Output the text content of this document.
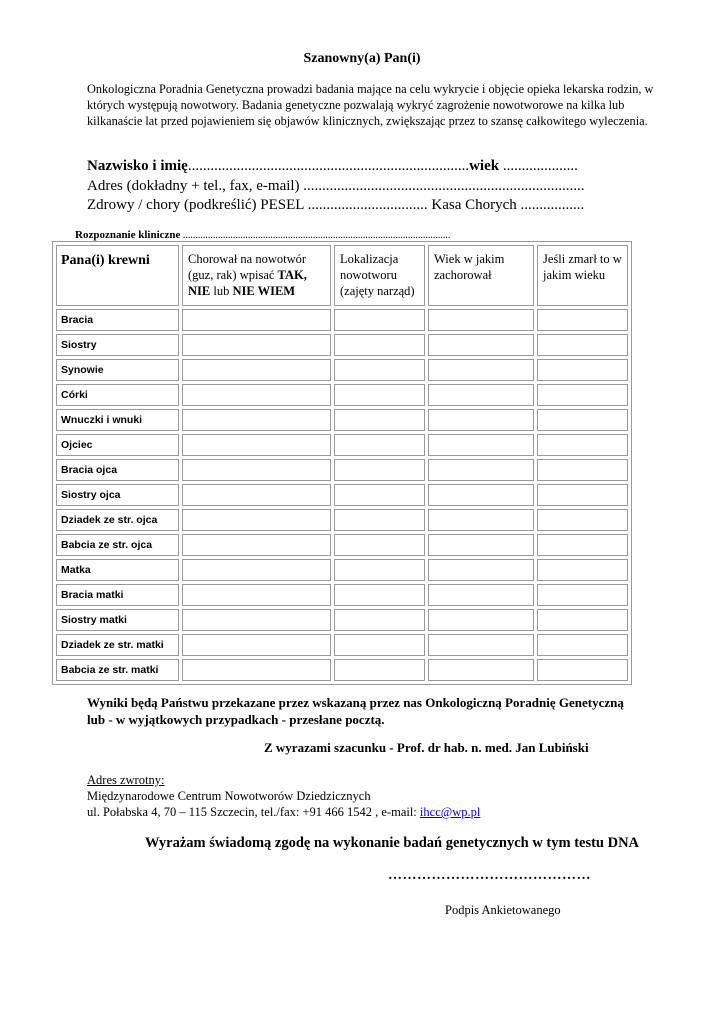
Szanowny(a) Pan(i)
Onkologiczna Poradnia Genetyczna prowadzi badania mające na celu wykrycie i objęcie opieka lekarska rodzin, w których występują nowotwory. Badania genetyczne pozwalają wykryć zagrożenie nowotworowe na kilka lub kilkanaście lat przed pojawieniem się objawów klinicznych, zwiększając przez to szansę całkowitego wyleczenia.
Nazwisko i imię...........................................................................wiek ....................
Adres (dokładny + tel., fax, e-mail) ...........................................................................
Zdrowy / chory (podkreślić) PESEL ................................ Kasa Chorych .................
Rozpoznanie kliniczne ...........................................................................................................
Pana(i) krewni	Chorował na nowotwór (guz, rak) wpisać TAK,
NIE lub NIE WIEM	Lokalizacja nowotworu (zajęty narząd)	Wiek w jakim zachorował	Jeśli zmarł to w jakim wieku
Bracia				
Siostry				
Synowie				
Córki				
Wnuczki i wnuki				
Ojciec				
Bracia ojca				
Siostry ojca				
Dziadek ze str. ojca				
Babcia ze str. ojca				
Matka				
Bracia matki				
Siostry matki				
Dziadek ze str. matki				
Babcia ze str. matki				
Wyniki będą Państwu przekazane przez wskazaną przez nas Onkologiczną Poradnię Genetyczną
lub - w wyjątkowych przypadkach - przesłane pocztą.
Z wyrazami szacunku - Prof. dr hab. n. med. Jan Lubiński
Adres zwrotny:
Międzynarodowe Centrum Nowotworów Dziedzicznych
ul. Połabska 4, 70 – 115 Szczecin, tel./fax: +91 466 1542 , e-mail: ihcc@wp.pl
Wyrażam świadomą zgodę na wykonanie badań genetycznych w tym testu DNA
……………………………………
Podpis Ankietowanego
